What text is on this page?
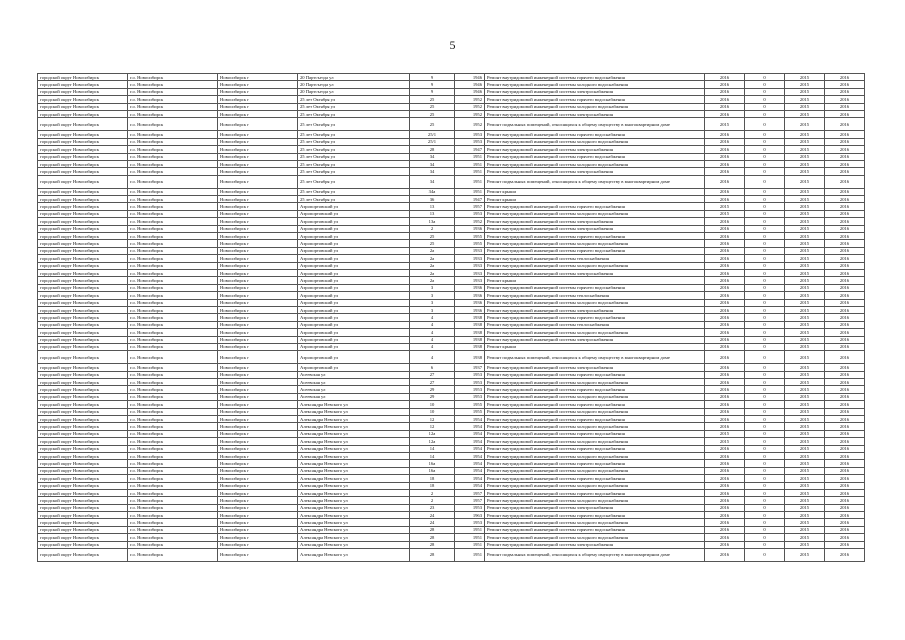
5
городской округ Новосибирск	г.о. Новосибирск	Новосибирск г	20 Партсъезда ул	9	1946	Ремонт внутридомовой инженерной системы горячего водоснабжения	2016	0	2015	2016
городской округ Новосибирск	г.о. Новосибирск	Новосибирск г	20 Партсъезда ул	9	1946	Ремонт внутридомовой инженерной системы холодного водоснабжения	2016	0	2015	2016
городской округ Новосибирск	г.о. Новосибирск	Новосибирск г	20 Партсъезда ул	9	1946	Ремонт внутридомовой инженерной системы электроснабжения	2016	0	2015	2016
городской округ Новосибирск	г.о. Новосибирск	Новосибирск г	25 лет Октября ул	25	1952	Ремонт внутридомовой инженерной системы горячего водоснабжения	2016	0	2015	2016
городской округ Новосибирск	г.о. Новосибирск	Новосибирск г	25 лет Октября ул	25	1952	Ремонт внутридомовой инженерной системы холодного водоснабжения	2016	0	2015	2016
городской округ Новосибирск	г.о. Новосибирск	Новосибирск г	25 лет Октября ул	25	1952	Ремонт внутридомовой инженерной системы электроснабжения	2016	0	2015	2016
городской округ Новосибирск	г.о. Новосибирск	Новосибирск г	25 лет Октября ул	25	1952	Ремонт подвальных помещений, относящихся к общему имуществу в многоквартирном доме	2015	0	2015	2016
городской округ Новосибирск	г.о. Новосибирск	Новосибирск г	25 лет Октября ул	25/1	1953	Ремонт внутридомовой инженерной системы горячего водоснабжения	2016	0	2015	2016
городской округ Новосибирск	г.о. Новосибирск	Новосибирск г	25 лет Октября ул	25/1	1953	Ремонт внутридомовой инженерной системы холодного водоснабжения	2016	0	2015	2016
городской округ Новосибирск	г.о. Новосибирск	Новосибирск г	25 лет Октября ул	28	1947	Ремонт внутридомовой инженерной системы электроснабжения	2016	0	2015	2016
городской округ Новосибирск	г.о. Новосибирск	Новосибирск г	25 лет Октября ул	34	1951	Ремонт внутридомовой инженерной системы горячего водоснабжения	2016	0	2015	2016
городской округ Новосибирск	г.о. Новосибирск	Новосибирск г	25 лет Октября ул	34	1951	Ремонт внутридомовой инженерной системы холодного водоснабжения	2016	0	2015	2016
городской округ Новосибирск	г.о. Новосибирск	Новосибирск г	25 лет Октября ул	34	1951	Ремонт внутридомовой инженерной системы электроснабжения	2016	0	2015	2016
городской округ Новосибирск	г.о. Новосибирск	Новосибирск г	25 лет Октября ул	34	1951	Ремонт подвальных помещений, относящихся к общему имуществу в многоквартирном доме	2016	0	2015	2016
городской округ Новосибирск	г.о. Новосибирск	Новосибирск г	25 лет Октября ул	34а	1951	Ремонт крыши	2016	0	2015	2016
городской округ Новосибирск	г.о. Новосибирск	Новосибирск г	25 лет Октября ул	36	1947	Ремонт крыши	2016	0	2015	2016
городской округ Новосибирск	г.о. Новосибирск	Новосибирск г	Аэропортовский ул	13	1957	Ремонт внутридомовой инженерной системы горячего водоснабжения	2015	0	2015	2016
городской округ Новосибирск	г.о. Новосибирск	Новосибирск г	Аэропортовский ул	13	1953	Ремонт внутридомовой инженерной системы холодного водоснабжения	2015	0	2015	2016
городской округ Новосибирск	г.о. Новосибирск	Новосибирск г	Аэропортовский ул	13а	1952	Ремонт внутридомовой инженерной системы электроснабжения	2016	0	2015	2016
городской округ Новосибирск	г.о. Новосибирск	Новосибирск г	Аэропортовский ул	2	1936	Ремонт внутридомовой инженерной системы электроснабжения	2016	0	2015	2016
городской округ Новосибирск	г.о. Новосибирск	Новосибирск г	Аэропортовский ул	25	1955	Ремонт внутридомовой инженерной системы горячего водоснабжения	2016	0	2015	2016
городской округ Новосибирск	г.о. Новосибирск	Новосибирск г	Аэропортовский ул	25	1955	Ремонт внутридомовой инженерной системы холодного водоснабжения	2016	0	2015	2016
городской округ Новосибирск	г.о. Новосибирск	Новосибирск г	Аэропортовский ул	2а	1933	Ремонт внутридомовой инженерной системы горячего водоснабжения	2016	0	2015	2016
городской округ Новосибирск	г.о. Новосибирск	Новосибирск г	Аэропортовский ул	2а	1933	Ремонт внутридомовой инженерной системы теплоснабжения	2016	0	2015	2016
городской округ Новосибирск	г.о. Новосибирск	Новосибирск г	Аэропортовский ул	2а	1933	Ремонт внутридомовой инженерной системы холодного водоснабжения	2016	0	2015	2016
городской округ Новосибирск	г.о. Новосибирск	Новосибирск г	Аэропортовский ул	2а	1933	Ремонт внутридомовой инженерной системы электроснабжения	2016	0	2015	2016
городской округ Новосибирск	г.о. Новосибирск	Новосибирск г	Аэропортовский ул	2а	1933	Ремонт крыши	2016	0	2015	2016
городской округ Новосибирск	г.о. Новосибирск	Новосибирск г	Аэропортовский ул	3	1936	Ремонт внутридомовой инженерной системы горячего водоснабжения	2016	0	2015	2016
городской округ Новосибирск	г.о. Новосибирск	Новосибирск г	Аэропортовский ул	3	1936	Ремонт внутридомовой инженерной системы теплоснабжения	2016	0	2015	2016
городской округ Новосибирск	г.о. Новосибирск	Новосибирск г	Аэропортовский ул	3	1936	Ремонт внутридомовой инженерной системы холодного водоснабжения	2016	0	2015	2016
городской округ Новосибирск	г.о. Новосибирск	Новосибирск г	Аэропортовский ул	3	1936	Ремонт внутридомовой инженерной системы электроснабжения	2016	0	2015	2016
городской округ Новосибирск	г.о. Новосибирск	Новосибирск г	Аэропортовский ул	4	1938	Ремонт внутридомовой инженерной системы горячего водоснабжения	2016	0	2015	2016
городской округ Новосибирск	г.о. Новосибирск	Новосибирск г	Аэропортовский ул	4	1938	Ремонт внутридомовой инженерной системы теплоснабжения	2016	0	2015	2016
городской округ Новосибирск	г.о. Новосибирск	Новосибирск г	Аэропортовский ул	4	1938	Ремонт внутридомовой инженерной системы холодного водоснабжения	2016	0	2015	2016
городской округ Новосибирск	г.о. Новосибирск	Новосибирск г	Аэропортовский ул	4	1938	Ремонт внутридомовой инженерной системы электроснабжения	2016	0	2015	2016
городской округ Новосибирск	г.о. Новосибирск	Новосибирск г	Аэропортовский ул	4	1938	Ремонт крыши	2016	0	2015	2016
городской округ Новосибирск	г.о. Новосибирск	Новосибирск г	Аэропортовский ул	4	1938	Ремонт подвальных помещений, относящихся к общему имуществу в многоквартирном доме	2016	0	2015	2016
городской округ Новосибирск	г.о. Новосибирск	Новосибирск г	Аэропортовский ул	6	1937	Ремонт внутридомовой инженерной системы электроснабжения	2016	0	2015	2016
городской округ Новосибирск	г.о. Новосибирск	Новосибирск г	Асеевская ул	27	1953	Ремонт внутридомовой инженерной системы горячего водоснабжения	2016	0	2015	2016
городской округ Новосибирск	г.о. Новосибирск	Новосибирск г	Асеевская ул	27	1953	Ремонт внутридомовой инженерной системы холодного водоснабжения	2016	0	2015	2016
городской округ Новосибирск	г.о. Новосибирск	Новосибирск г	Асеевская ул	29	1953	Ремонт внутридомовой инженерной системы горячего водоснабжения	2016	0	2015	2016
городской округ Новосибирск	г.о. Новосибирск	Новосибирск г	Асеевская ул	29	1953	Ремонт внутридомовой инженерной системы холодного водоснабжения	2016	0	2015	2016
городской округ Новосибирск	г.о. Новосибирск	Новосибирск г	Александра Невского ул	10	1955	Ремонт внутридомовой инженерной системы горячего водоснабжения	2016	0	2015	2016
городской округ Новосибирск	г.о. Новосибирск	Новосибирск г	Александра Невского ул	10	1955	Ремонт внутридомовой инженерной системы холодного водоснабжения	2016	0	2015	2016
городской округ Новосибирск	г.о. Новосибирск	Новосибирск г	Александра Невского ул	12	1954	Ремонт внутридомовой инженерной системы горячего водоснабжения	2016	0	2015	2016
городской округ Новосибирск	г.о. Новосибирск	Новосибирск г	Александра Невского ул	12	1954	Ремонт внутридомовой инженерной системы холодного водоснабжения	2016	0	2015	2016
городской округ Новосибирск	г.о. Новосибирск	Новосибирск г	Александра Невского ул	12а	1954	Ремонт внутридомовой инженерной системы горячего водоснабжения	2015	0	2015	2016
городской округ Новосибирск	г.о. Новосибирск	Новосибирск г	Александра Невского ул	12а	1954	Ремонт внутридомовой инженерной системы холодного водоснабжения	2015	0	2015	2016
городской округ Новосибирск	г.о. Новосибирск	Новосибирск г	Александра Невского ул	14	1954	Ремонт внутридомовой инженерной системы горячего водоснабжения	2016	0	2015	2016
городской округ Новосибирск	г.о. Новосибирск	Новосибирск г	Александра Невского ул	14	1954	Ремонт внутридомовой инженерной системы холодного водоснабжения	2016	0	2015	2016
городской округ Новосибирск	г.о. Новосибирск	Новосибирск г	Александра Невского ул	16а	1954	Ремонт внутридомовой инженерной системы горячего водоснабжения	2016	0	2015	2016
городской округ Новосибирск	г.о. Новосибирск	Новосибирск г	Александра Невского ул	16а	1954	Ремонт внутридомовой инженерной системы холодного водоснабжения	2016	0	2015	2016
городской округ Новосибирск	г.о. Новосибирск	Новосибирск г	Александра Невского ул	18	1954	Ремонт внутридомовой инженерной системы горячего водоснабжения	2016	0	2015	2016
городской округ Новосибирск	г.о. Новосибирск	Новосибирск г	Александра Невского ул	18	1954	Ремонт внутридомовой инженерной системы холодного водоснабжения	2016	0	2015	2016
городской округ Новосибирск	г.о. Новосибирск	Новосибирск г	Александра Невского ул	2	1957	Ремонт внутридомовой инженерной системы горячего водоснабжения	2016	0	2015	2016
городской округ Новосибирск	г.о. Новосибирск	Новосибирск г	Александра Невского ул	2	1957	Ремонт внутридомовой инженерной системы холодного водоснабжения	2016	0	2015	2016
городской округ Новосибирск	г.о. Новосибирск	Новосибирск г	Александра Невского ул	23	1953	Ремонт внутридомовой инженерной системы электроснабжения	2016	0	2015	2016
городской округ Новосибирск	г.о. Новосибирск	Новосибирск г	Александра Невского ул	24	1963	Ремонт внутридомовой инженерной системы горячего водоснабжения	2016	0	2015	2016
городской округ Новосибирск	г.о. Новосибирск	Новосибирск г	Александра Невского ул	24	1953	Ремонт внутридомовой инженерной системы холодного водоснабжения	2016	0	2015	2016
городской округ Новосибирск	г.о. Новосибирск	Новосибирск г	Александра Невского ул	28	1951	Ремонт внутридомовой инженерной системы горячего водоснабжения	2016	0	2015	2016
городской округ Новосибирск	г.о. Новосибирск	Новосибирск г	Александра Невского ул	28	1951	Ремонт внутридомовой инженерной системы холодного водоснабжения	2016	0	2015	2016
городской округ Новосибирск	г.о. Новосибирск	Новосибирск г	Александра Невского ул	28	1951	Ремонт внутридомовой инженерной системы электроснабжения	2016	0	2015	2016
городской округ Новосибирск	г.о. Новосибирск	Новосибирск г	Александра Невского ул	28	1951	Ремонт подвальных помещений, относящихся к общему имуществу в многоквартирном доме	2016	0	2015	2016
